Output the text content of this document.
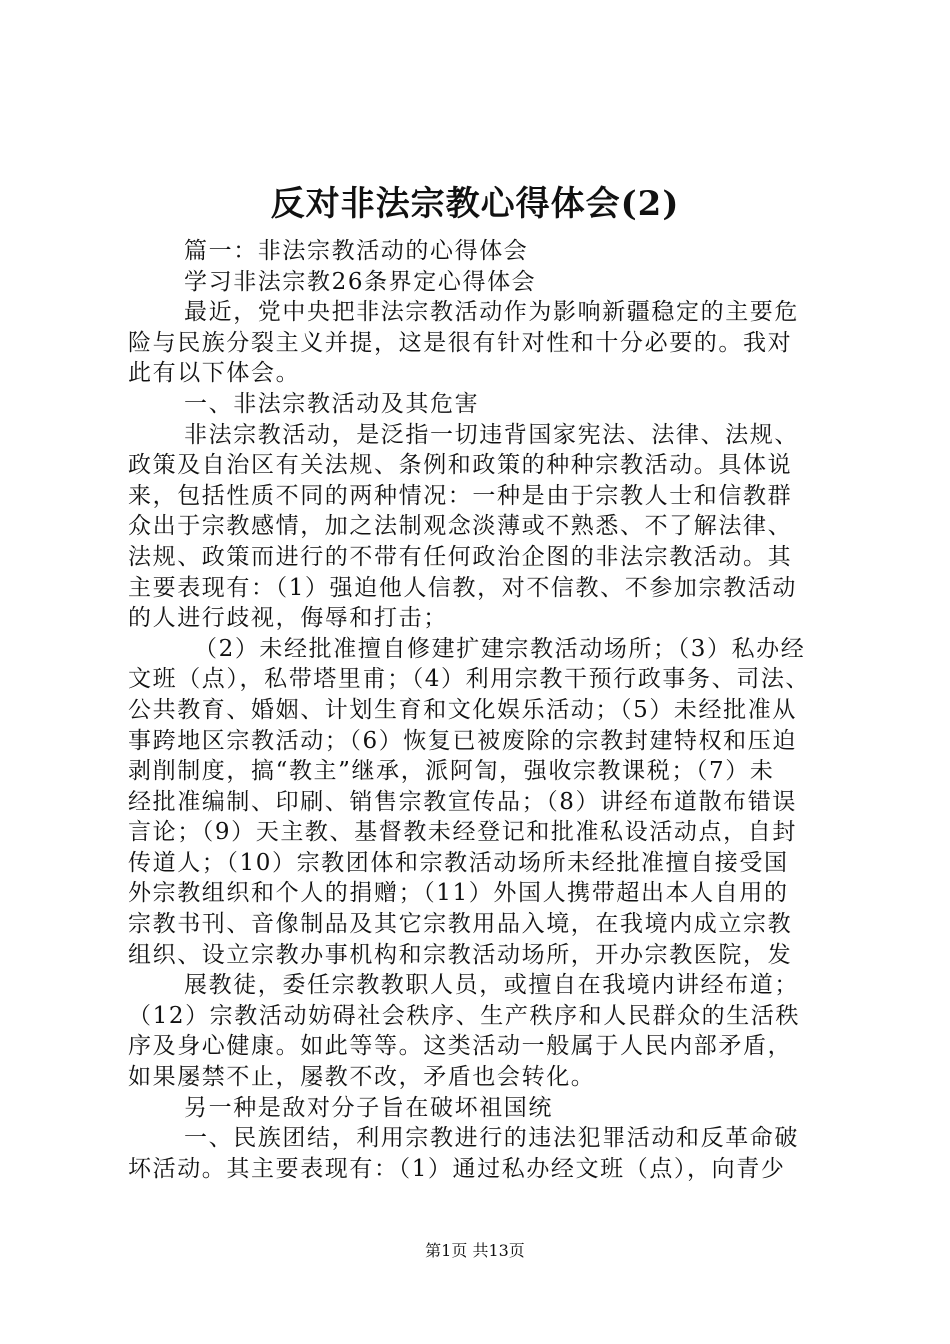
反对非法宗教心得体会(2)
篇一：非法宗教活动的心得体会
学习非法宗教26条界定心得体会
最近，党中央把非法宗教活动作为影响新疆稳定的主要危
险与民族分裂主义并提，这是很有针对性和十分必要的。我对
此有以下体会。
一、非法宗教活动及其危害
非法宗教活动，是泛指一切违背国家宪法、法律、法规、
政策及自治区有关法规、条例和政策的种种宗教活动。具体说
来，包括性质不同的两种情况：一种是由于宗教人士和信教群
众出于宗教感情，加之法制观念淡薄或不熟悉、不了解法律、
法规、政策而进行的不带有任何政治企图的非法宗教活动。其
主要表现有：（1）强迫他人信教，对不信教、不参加宗教活动
的人进行歧视，侮辱和打击；
（2）未经批准擅自修建扩建宗教活动场所；（3）私办经
文班（点），私带塔里甫；（4）利用宗教干预行政事务、司法、
公共教育、婚姻、计划生育和文化娱乐活动；（5）未经批准从
事跨地区宗教活动；（6）恢复已被废除的宗教封建特权和压迫
剥削制度，搞“教主”继承，派阿訇，强收宗教课税；（7）未
经批准编制、印刷、销售宗教宣传品；（8）讲经布道散布错误
言论；（9）天主教、基督教未经登记和批准私设活动点，自封
传道人；（10）宗教团体和宗教活动场所未经批准擅自接受国
外宗教组织和个人的捐赠；（11）外国人携带超出本人自用的
宗教书刊、音像制品及其它宗教用品入境，在我境内成立宗教
组织、设立宗教办事机构和宗教活动场所，开办宗教医院，发
展教徒，委任宗教教职人员，或擅自在我境内讲经布道；
（12）宗教活动妨碍社会秩序、生产秩序和人民群众的生活秩
序及身心健康。如此等等。这类活动一般属于人民内部矛盾，
如果屡禁不止，屡教不改，矛盾也会转化。
另一种是敌对分子旨在破坏祖国统
一、民族团结，利用宗教进行的违法犯罪活动和反革命破
坏活动。其主要表现有：（1）通过私办经文班（点），向青少
第1页 共13页
